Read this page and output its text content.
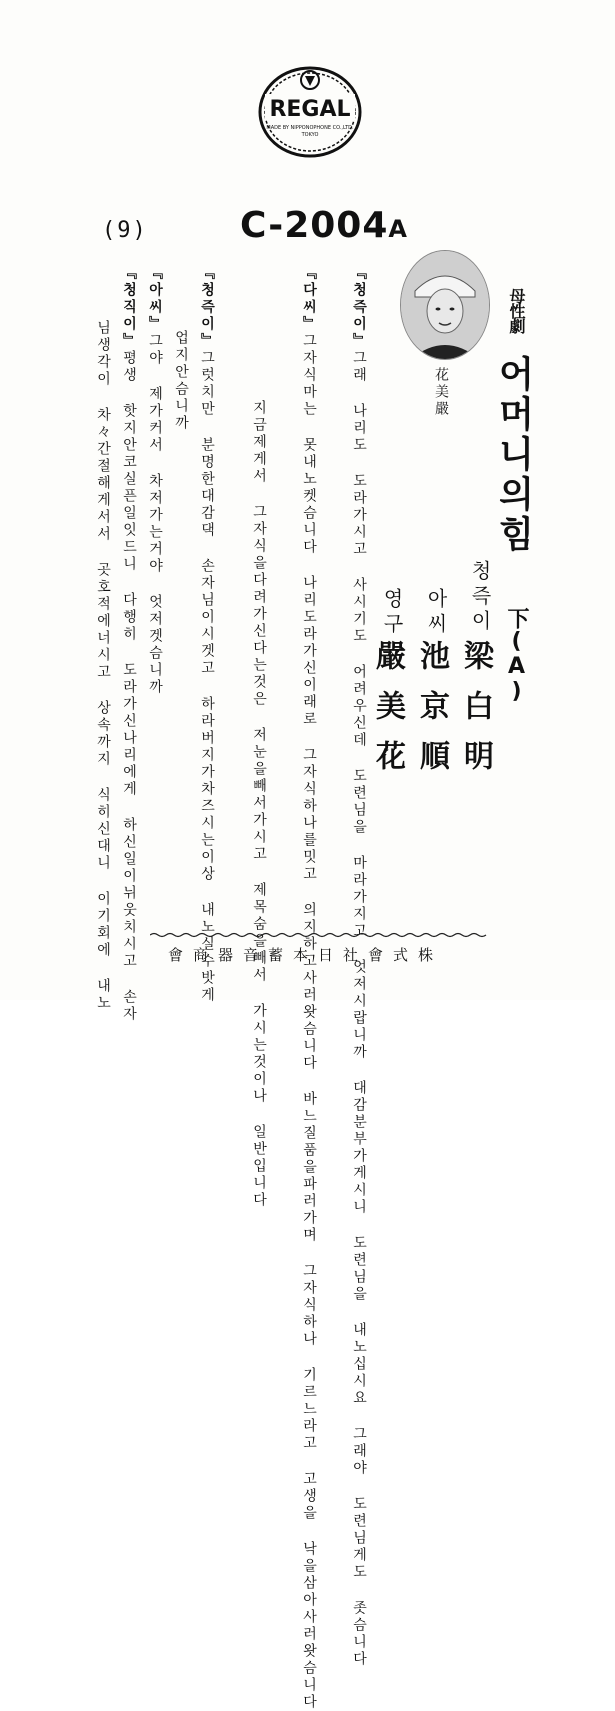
REGAL
MADE BY NIPPONOPHONE CO.,LTD.
TOKYO
(9)	C-2004A
母性劇
어머니의힘
下(A)
청즉이
梁白明
아씨
池京順
영구
嚴美花
花美嚴
『청즉이』그래 나리도 도라가시고 사시기도 어려우신데 도련님을 마라가지고 엇저시랍니까 대감분부가게시니 도련님을 내노십시요 그래야 도련님게도 좃슴니다
『다씨』그자식마는 못내노켓슴니다 나리도라가신이래로 그자식하나를밋고 의지하고사러왓슴니다 바느질품을파러가며 그자식하나 기르느라고 고생을 낙을삼아사러왓슴니다
지금제게서 그자식을다려가신다는것은 저눈을빼서가시고 제목숨을빼서 가시는것이나 일반입니다
『청즉이』그럿치만 분명한대감댁 손자님이시겟고 하라버지가차즈시는이상 내노실수밧게
업지안슴니까
『아씨』그야 제가커서 차저가는거야 엇저겟슴니까
『청직이』평생 핫지안코실픈일잇드니 다행히 도라가신나리에게 하신일이뉘웃치시고 손자
님생각이 차々간절해게서서 곳호적에너시고 상속까지 식히신대니 이기회에 내노	會商器音蓄本日社會式株
